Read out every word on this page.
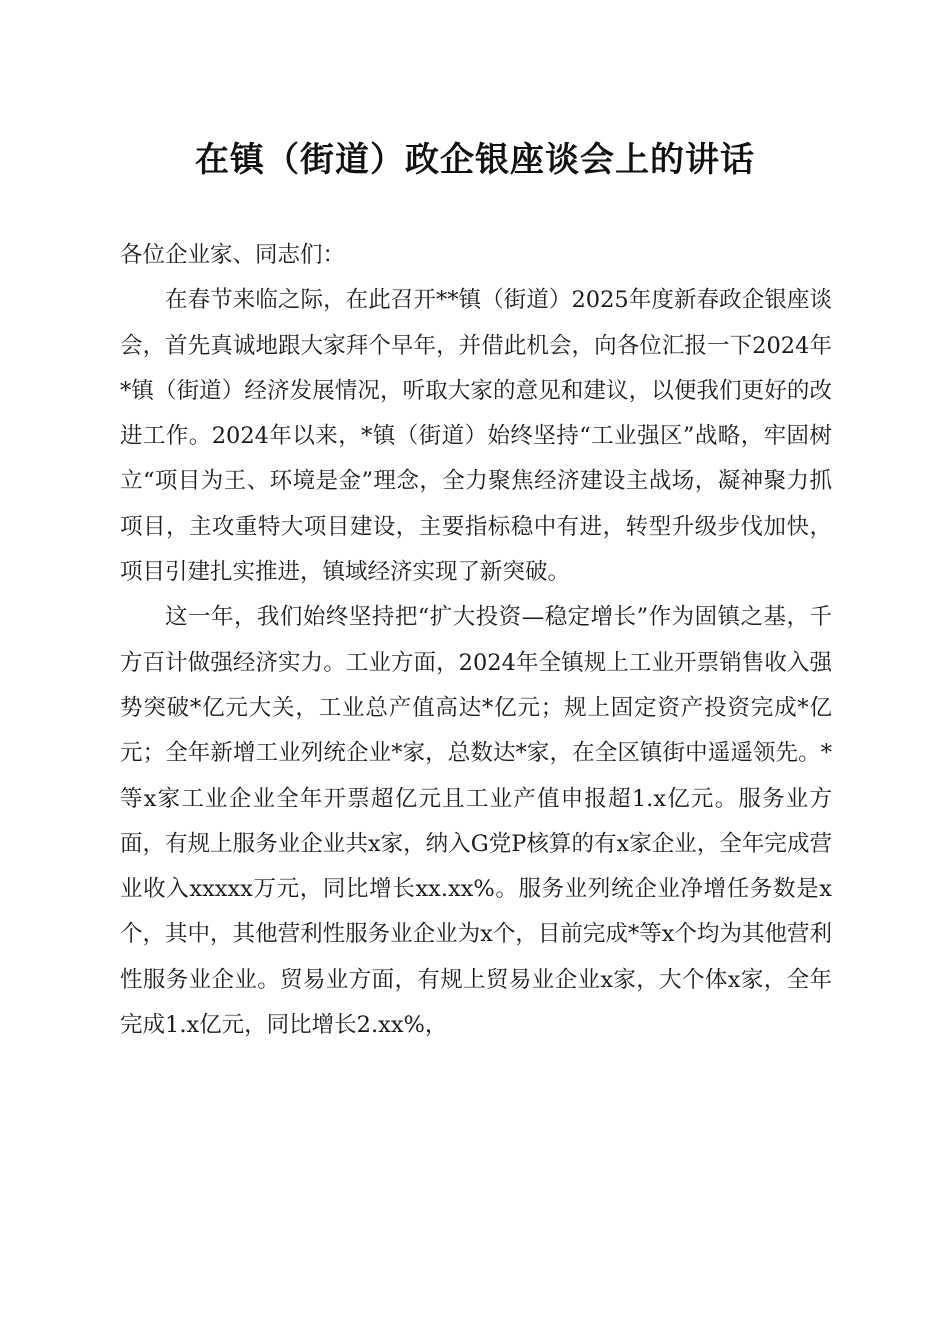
在镇（街道）政企银座谈会上的讲话

各位企业家、同志们：

在春节来临之际，在此召开**镇（街道）2025年度新春政企银座谈会，首先真诚地跟大家拜个早年，并借此机会，向各位汇报一下2024年*镇（街道）经济发展情况，听取大家的意见和建议，以便我们更好的改进工作。2024年以来，*镇（街道）始终坚持“工业强区”战略，牢固树立“项目为王、环境是金”理念，全力聚焦经济建设主战场，凝神聚力抓项目，主攻重特大项目建设，主要指标稳中有进，转型升级步伐加快，项目引建扎实推进，镇域经济实现了新突破。

这一年，我们始终坚持把“扩大投资—稳定增长”作为固镇之基，千方百计做强经济实力。工业方面，2024年全镇规上工业开票销售收入强势突破*亿元大关，工业总产值高达*亿元；规上固定资产投资完成*亿元；全年新增工业列统企业*家，总数达*家，在全区镇街中遥遥领先。*等x家工业企业全年开票超亿元且工业产值申报超1.x亿元。服务业方面，有规上服务业企业共x家，纳入G党P核算的有x家企业，全年完成营业收入xxxxx万元，同比增长xx.xx%。服务业列统企业净增任务数是x个，其中，其他营利性服务业企业为x个，目前完成*等x个均为其他营利性服务业企业。贸易业方面，有规上贸易业企业x家，大个体x家，全年完成1.x亿元，同比增长2.xx%，
